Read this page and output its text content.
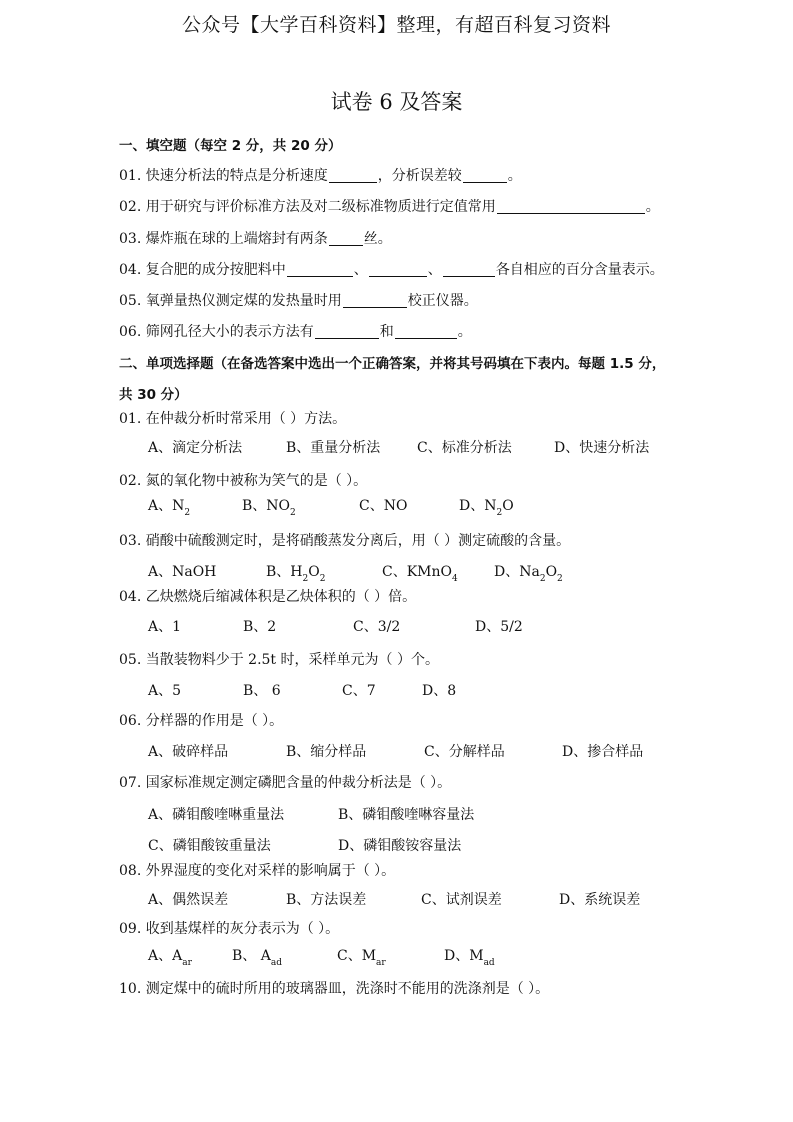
公众号【大学百科资料】整理，有超百科复习资料
试卷 6 及答案
一、填空题（每空 2 分，共 20 分）
01. 快速分析法的特点是分析速度	，分析误差较	。
02. 用于研究与评价标准方法及对二级标准物质进行定值常用	。
03. 爆炸瓶在球的上端熔封有两条	丝。
04. 复合肥的成分按肥料中	、	、	各自相应的百分含量表示。
05. 氧弹量热仪测定煤的发热量时用	校正仪器。
06. 筛网孔径大小的表示方法有	和	。
二、单项选择题（在备选答案中选出一个正确答案，并将其号码填在下表内。每题 1.5 分，
共 30 分）
01. 在仲裁分析时常采用（ ）方法。
A、滴定分析法	B、重量分析法	C、标准分析法	D、快速分析法
02. 氮的氧化物中被称为笑气的是（ ）。
A、$N_2$	B、$NO_2$	C、NO	D、$N_2O$
03. 硝酸中硫酸测定时，是将硝酸蒸发分离后，用（ ）测定硫酸的含量。
A、NaOH	B、$H_2O_2$	C、KMnO$_4$	D、$Na_2O_2$
04. 乙炔燃烧后缩减体积是乙炔体积的（ ）倍。
A、1	B、2	C、3/2	D、5/2
05. 当散装物料少于 2.5t 时，采样单元为（ ）个。
A、5	B、 6	C、7	D、8
06. 分样器的作用是（ ）。
A、破碎样品	B、缩分样品	C、分解样品	D、掺合样品
07. 国家标准规定测定磷肥含量的仲裁分析法是（ ）。
A、磷钼酸喹啉重量法	B、磷钼酸喹啉容量法
C、磷钼酸铵重量法	D、磷钼酸铵容量法
08. 外界湿度的变化对采样的影响属于（ ）。
A、偶然误差	B、方法误差	C、试剂误差	D、系统误差
09. 收到基煤样的灰分表示为（ ）。
A、$A_{ar}$	B、 $A_{ad}$	C、$M_{ar}$	D、$M_{ad}$
10. 测定煤中的硫时所用的玻璃器皿，洗涤时不能用的洗涤剂是（ ）。
